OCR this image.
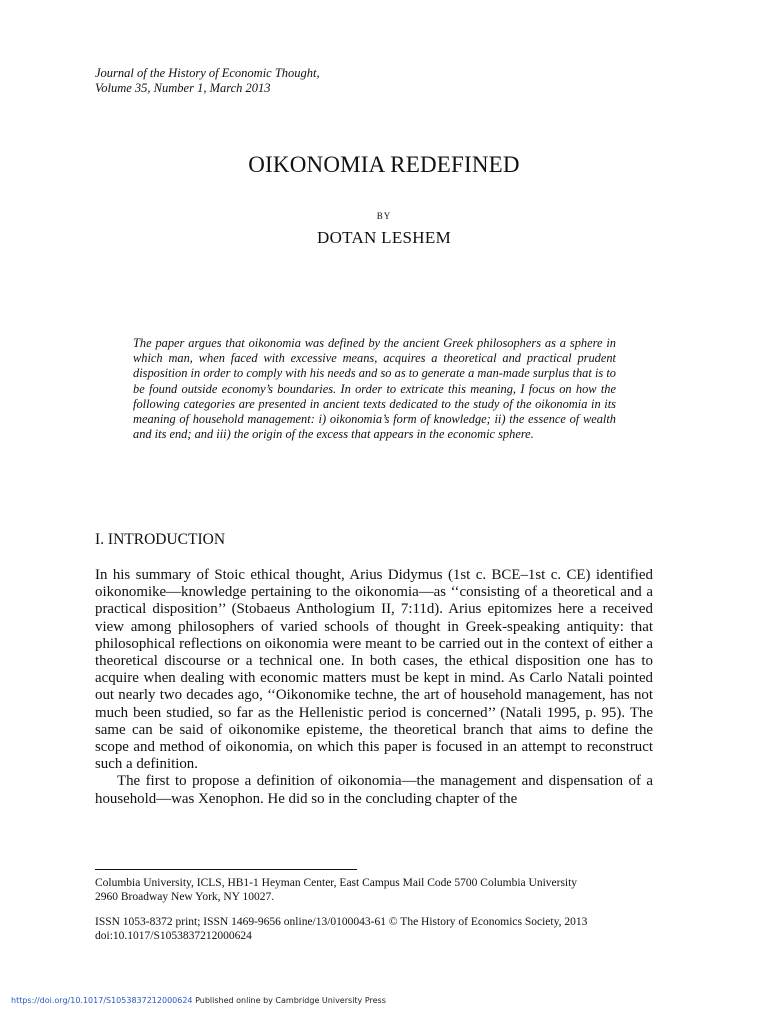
Journal of the History of Economic Thought,
Volume 35, Number 1, March 2013
OIKONOMIA REDEFINED
BY
DOTAN LESHEM
The paper argues that oikonomia was defined by the ancient Greek philosophers as a sphere in which man, when faced with excessive means, acquires a theoretical and practical prudent disposition in order to comply with his needs and so as to generate a man-made surplus that is to be found outside economy’s boundaries. In order to extricate this meaning, I focus on how the following categories are presented in ancient texts dedicated to the study of the oikonomia in its meaning of household management: i) oikonomia’s form of knowledge; ii) the essence of wealth and its end; and iii) the origin of the excess that appears in the economic sphere.
I. INTRODUCTION

In his summary of Stoic ethical thought, Arius Didymus (1st c. BCE–1st c. CE) identified oikonomike—knowledge pertaining to the oikonomia—as ‘‘consisting of a theoretical and a practical disposition’’ (Stobaeus Anthologium II, 7:11d). Arius epitomizes here a received view among philosophers of varied schools of thought in Greek-speaking antiquity: that philosophical reflections on oikonomia were meant to be carried out in the context of either a theoretical discourse or a technical one. In both cases, the ethical disposition one has to acquire when dealing with economic matters must be kept in mind. As Carlo Natali pointed out nearly two decades ago, ‘‘Oikonomike techne, the art of household management, has not much been studied, so far as the Hellenistic period is concerned’’ (Natali 1995, p. 95). The same can be said of oikonomike episteme, the theoretical branch that aims to define the scope and method of oikonomia, on which this paper is focused in an attempt to reconstruct such a definition.

The first to propose a definition of oikonomia—the management and dispensation of a household—was Xenophon. He did so in the concluding chapter of the

Columbia University, ICLS, HB1-1 Heyman Center, East Campus Mail Code 5700 Columbia University
2960 Broadway New York, NY 10027.
ISSN 1053-8372 print; ISSN 1469-9656 online/13/0100043-61 © The History of Economics Society, 2013
doi:10.1017/S1053837212000624
https://doi.org/10.1017/S1053837212000624 Published online by Cambridge University Press
